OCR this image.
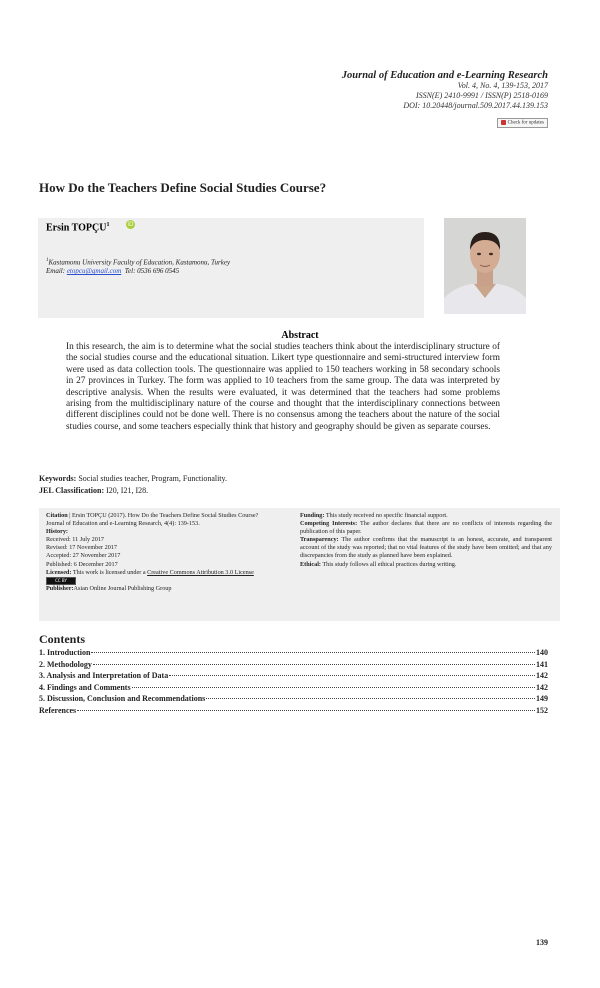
Journal of Education and e-Learning Research
Vol. 4, No. 4, 139-153, 2017
ISSN(E) 2410-9991 / ISSN(P) 2518-0169
DOI: 10.20448/journal.509.2017.44.139.153
Check for updates
How Do the Teachers Define Social Studies Course?
Ersin TOPÇU$^1$	iD
$^1$Kastamonu University Faculty of Education, Kastamonu, Turkey
Email: etopcu@gmail.com Tel: 0536 696 0545
Abstract
In this research, the aim is to determine what the social studies teachers think about the interdisciplinary structure of the social studies course and the educational situation. Likert type questionnaire and semi-structured interview form were used as data collection tools. The questionnaire was applied to 150 teachers working in 58 secondary schools in 27 provinces in Turkey. The form was applied to 10 teachers from the same group. The data was interpreted by descriptive analysis. When the results were evaluated, it was determined that the teachers had some problems arising from the multidisciplinary nature of the course and thought that the interdisciplinary connections between different disciplines could not be done well. There is no consensus among the teachers about the nature of the social studies course, and some teachers especially think that history and geography should be given as separate courses.
Keywords: Social studies teacher, Program, Functionality.
JEL Classification: I20, I21, I28.
Citation | Ersin TOPÇU (2017). How Do the Teachers Define Social Studies Course? Journal of Education and e-Learning Research, 4(4): 139-153.
History:
Received: 11 July 2017
Revised: 17 November 2017
Accepted: 27 November 2017
Published: 6 December 2017
Licensed: This work is licensed under a Creative Commons Attribution 3.0 License CC BY
Publisher:Asian Online Journal Publishing Group
Funding: This study received no specific financial support.
Competing Interests: The author declares that there are no conflicts of interests regarding the publication of this paper.
Transparency: The author confirms that the manuscript is an honest, accurate, and transparent account of the study was reported; that no vital features of the study have been omitted; and that any discrepancies from the study as planned have been explained.
Ethical: This study follows all ethical practices during writing.
Contents
1. Introduction	140
2. Methodology	141
3. Analysis and Interpretation of Data	142
4. Findings and Comments	142
5. Discussion, Conclusion and Recommendations	149
References	152
139
